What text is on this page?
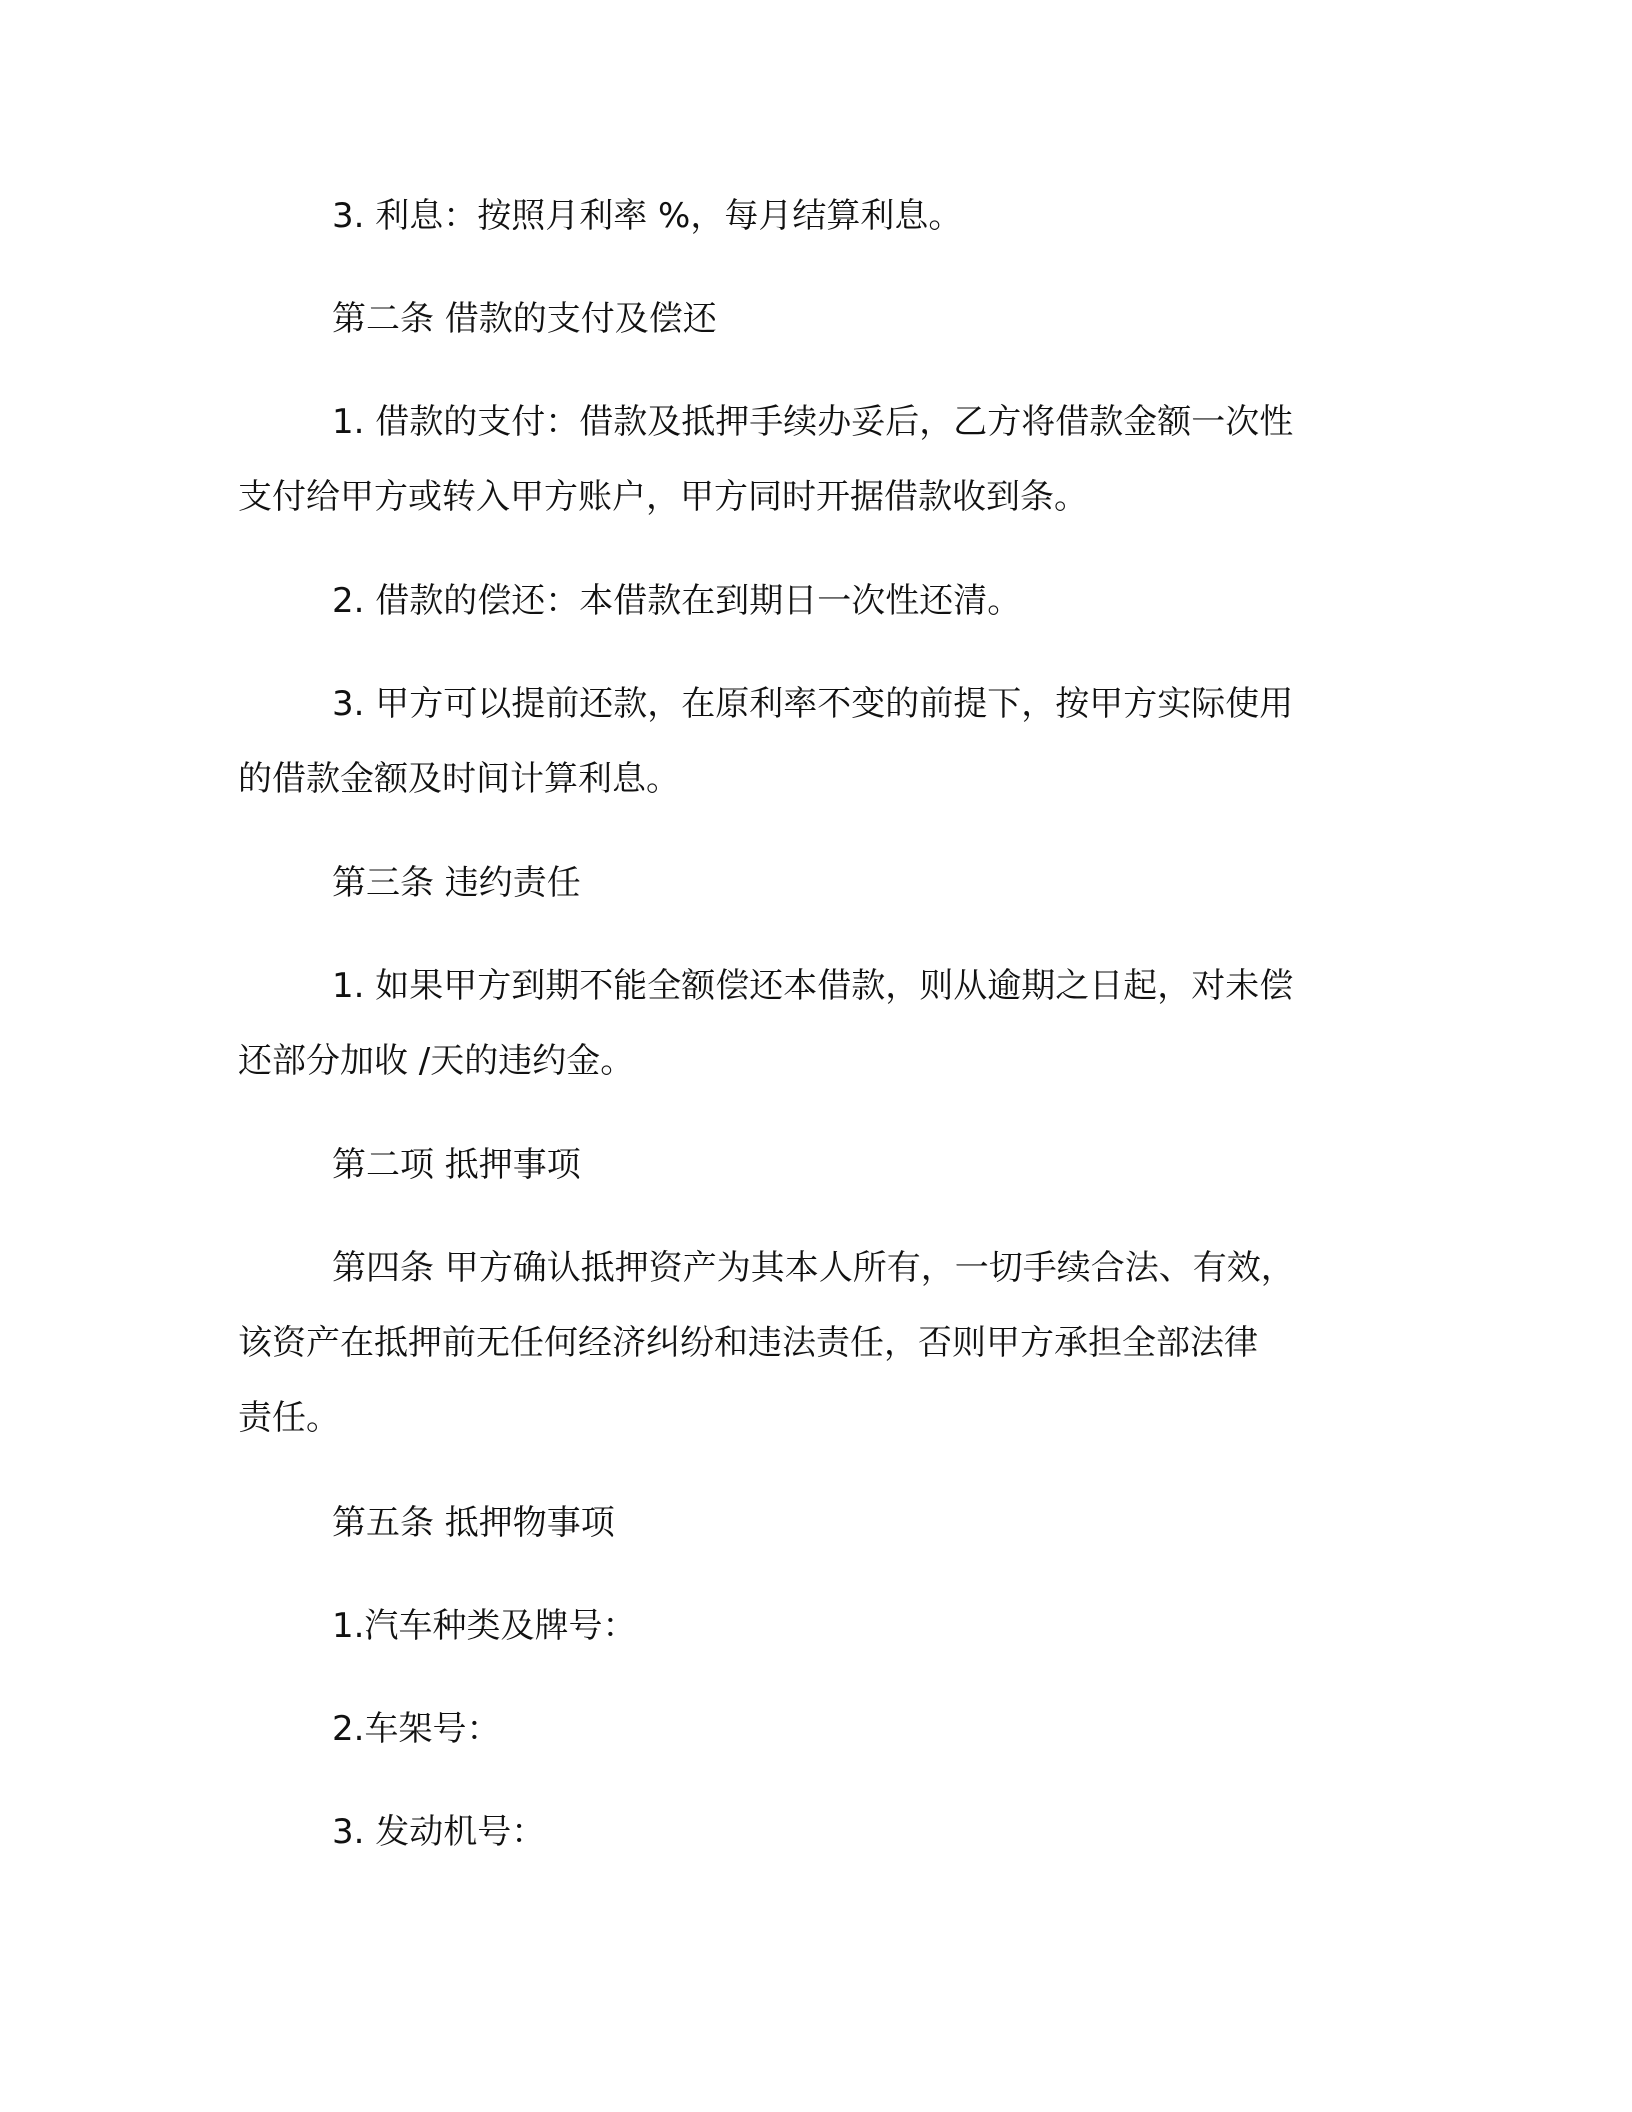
3. 利息：按照月利率 %，每月结算利息。
第二条 借款的支付及偿还
1. 借款的支付：借款及抵押手续办妥后，乙方将借款金额一次性
支付给甲方或转入甲方账户，甲方同时开据借款收到条。
2. 借款的偿还：本借款在到期日一次性还清。
3. 甲方可以提前还款，在原利率不变的前提下，按甲方实际使用
的借款金额及时间计算利息。
第三条 违约责任
1. 如果甲方到期不能全额偿还本借款，则从逾期之日起，对未偿
还部分加收 /天的违约金。
第二项 抵押事项
第四条 甲方确认抵押资产为其本人所有，一切手续合法、有效，
该资产在抵押前无任何经济纠纷和违法责任，否则甲方承担全部法律
责任。
第五条 抵押物事项
1.汽车种类及牌号：
2.车架号：
3. 发动机号：
